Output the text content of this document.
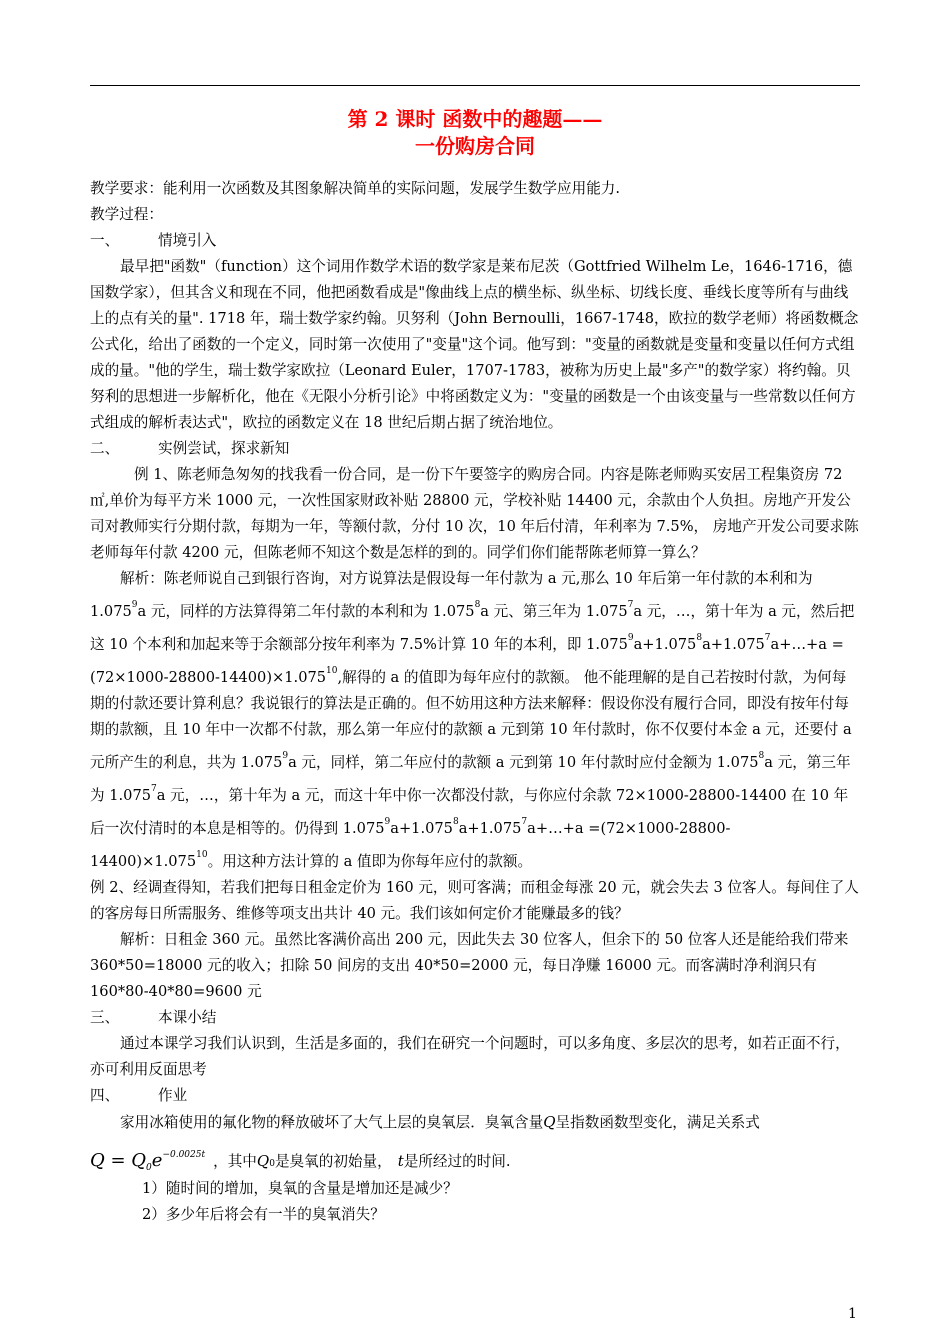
第 2 课时 函数中的趣题——
一份购房合同

教学要求：能利用一次函数及其图象解决简单的实际问题，发展学生数学应用能力.

教学过程：

一、	情境引入

最早把"函数"（function）这个词用作数学术语的数学家是莱布尼茨（Gottfried Wilhelm Le，1646-1716，德国数学家），但其含义和现在不同，他把函数看成是"像曲线上点的横坐标、纵坐标、切线长度、垂线长度等所有与曲线上的点有关的量". 1718 年，瑞士数学家约翰。贝努利（John Bernoulli，1667-1748，欧拉的数学老师）将函数概念公式化，给出了函数的一个定义，同时第一次使用了"变量"这个词。他写到："变量的函数就是变量和变量以任何方式组成的量。"他的学生，瑞士数学家欧拉（Leonard Euler，1707-1783，被称为历史上最"多产"的数学家）将约翰。贝努利的思想进一步解析化，他在《无限小分析引论》中将函数定义为："变量的函数是一个由该变量与一些常数以任何方式组成的解析表达式"，欧拉的函数定义在 18 世纪后期占据了统治地位。

二、	实例尝试，探求新知

例 1、陈老师急匆匆的找我看一份合同，是一份下午要签字的购房合同。内容是陈老师购买安居工程集资房 72㎡,单价为每平方米 1000 元，一次性国家财政补贴 28800 元，学校补贴 14400 元，余款由个人负担。房地产开发公司对教师实行分期付款，每期为一年，等额付款，分付 10 次，10 年后付清，年利率为 7.5%， 房地产开发公司要求陈老师每年付款 4200 元，但陈老师不知这个数是怎样的到的。同学们你们能帮陈老师算一算么？

解析：陈老师说自己到银行咨询，对方说算法是假设每一年付款为 a 元,那么 10 年后第一年付款的本利和为 1.075$^9$a 元，同样的方法算得第二年付款的本利和为 1.075$^8$a 元、第三年为 1.075$^7$a 元，…，第十年为 a 元，然后把这 10 个本利和加起来等于余额部分按年利率为 7.5%计算 10 年的本利，即 $1.075^9a+1.075^8a+1.075^7a+\dots+a =(72\times 1000-28800-14400)\times 1.075^{10}$,解得的 a 的值即为每年应付的款额。 他不能理解的是自己若按时付款，为何每期的付款还要计算利息？我说银行的算法是正确的。但不妨用这种方法来解释：假设你没有履行合同，即没有按年付每期的款额，且 10 年中一次都不付款，那么第一年应付的款额 a 元到第 10 年付款时，你不仅要付本金 a 元，还要付 a 元所产生的利息，共为 1.075$^9$a 元，同样，第二年应付的款额 a 元到第 10 年付款时应付金额为 1.075$^8$a 元，第三年为 1.075$^7$a 元，…，第十年为 a 元，而这十年中你一次都没付款，与你应付余款 72×1000-28800-14400 在 10 年后一次付清时的本息是相等的。仍得到 $1.075^9a+1.075^8a+1.075^7a+\dots+a =(72\times 1000-28800-14400)\times 1.075^{10}$。用这种方法计算的 a 值即为你每年应付的款额。

例 2、经调查得知，若我们把每日租金定价为 160 元，则可客满；而租金每涨 20 元，就会失去 3 位客人。每间住了人的客房每日所需服务、维修等项支出共计 40 元。我们该如何定价才能赚最多的钱？

解析：日租金 360 元。虽然比客满价高出 200 元，因此失去 30 位客人，但余下的 50 位客人还是能给我们带来 360*50=18000 元的收入；扣除 50 间房的支出 40*50=2000 元，每日净赚 16000 元。而客满时净利润只有 160*80-40*80=9600 元

三、	本课小结

通过本课学习我们认识到，生活是多面的，我们在研究一个问题时，可以多角度、多层次的思考，如若正面不行，亦可利用反面思考

四、	作业

家用冰箱使用的氟化物的释放破坏了大气上层的臭氧层．臭氧含量Q呈指数函数型变化，满足关系式

$Q = Q_0e^{-0.0025t}$ ，其中 Q 0 是臭氧的初始量， t 是所经过的时间.

1）随时间的增加，臭氧的含量是增加还是减少？

2）多少年后将会有一半的臭氧消失？

1
